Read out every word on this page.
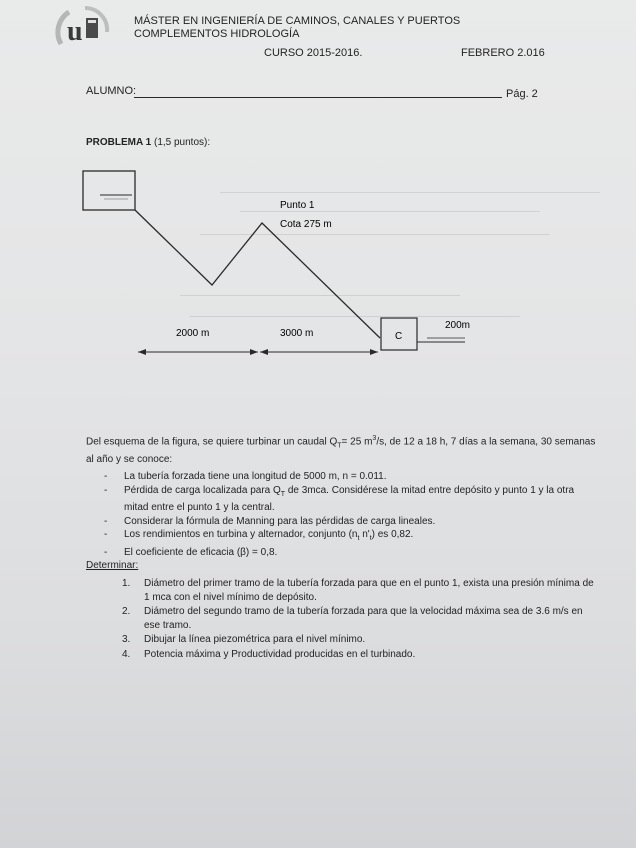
u	MÁSTER EN INGENIERÍA DE CAMINOS, CANALES Y PUERTOS
COMPLEMENTOS HIDROLOGÍA
CURSO 2015-2016.	FEBRERO 2.016
ALUMNO:	Pág. 2
PROBLEMA 1 (1,5 puntos):
C
200m
Punto 1
Cota 275 m
2000 m	3000 m
Del esquema de la figura, se quiere turbinar un caudal $Q_T= 25$ $m^3/s$, de 12 a 18 h, 7 días a la semana, 30 semanas al año y se conoce:
- La tubería forzada tiene una longitud de 5000 m, n = 0.011.
- Pérdida de carga localizada para $Q_T$ de 3mca. Considérese la mitad entre depósito y punto 1 y la otra mitad entre el punto 1 y la central.
- Considerar la fórmula de Manning para las pérdidas de carga lineales.
- Los rendimientos en turbina y alternador, conjunto ($n_t$ $n'_t$) es 0,82.
- El coeficiente de eficacia (β) = 0,8.
Determinar:
1. Diámetro del primer tramo de la tubería forzada para que en el punto 1, exista una presión mínima de 1 mca con el nivel mínimo de depósito.
2. Diámetro del segundo tramo de la tubería forzada para que la velocidad máxima sea de 3.6 m/s en ese tramo.
3. Dibujar la línea piezométrica para el nivel mínimo.
4. Potencia máxima y Productividad producidas en el turbinado.
